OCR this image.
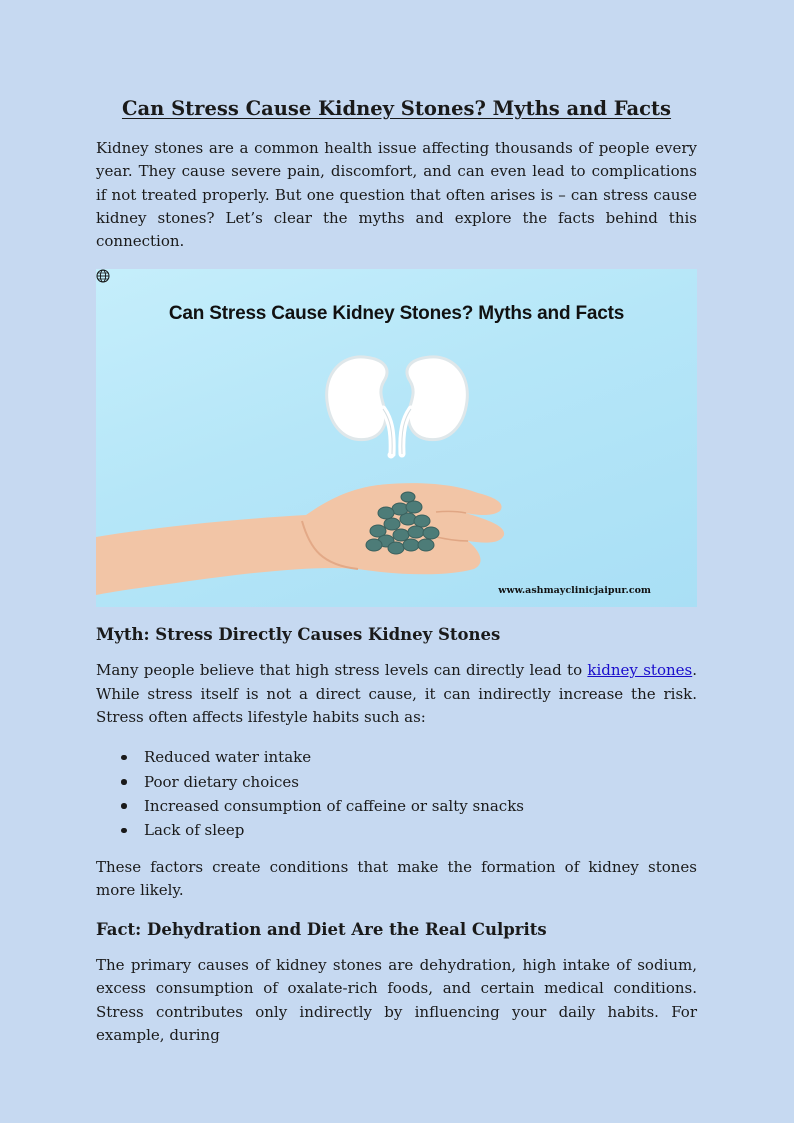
Can Stress Cause Kidney Stones? Myths and Facts

Kidney stones are a common health issue affecting thousands of people every year. They cause severe pain, discomfort, and can even lead to complications if not treated properly. But one question that often arises is – can stress cause kidney stones? Let’s clear the myths and explore the facts behind this connection.

Can Stress Cause Kidney Stones? Myths and Facts
www.ashmayclinicjaipur.com
Myth: Stress Directly Causes Kidney Stones

Many people believe that high stress levels can directly lead to kidney stones. While stress itself is not a direct cause, it can indirectly increase the risk. Stress often affects lifestyle habits such as:

Reduced water intake
Poor dietary choices
Increased consumption of caffeine or salty snacks
Lack of sleep

These factors create conditions that make the formation of kidney stones more likely.

Fact: Dehydration and Diet Are the Real Culprits

The primary causes of kidney stones are dehydration, high intake of sodium, excess consumption of oxalate-rich foods, and certain medical conditions. Stress contributes only indirectly by influencing your daily habits. For example, during
